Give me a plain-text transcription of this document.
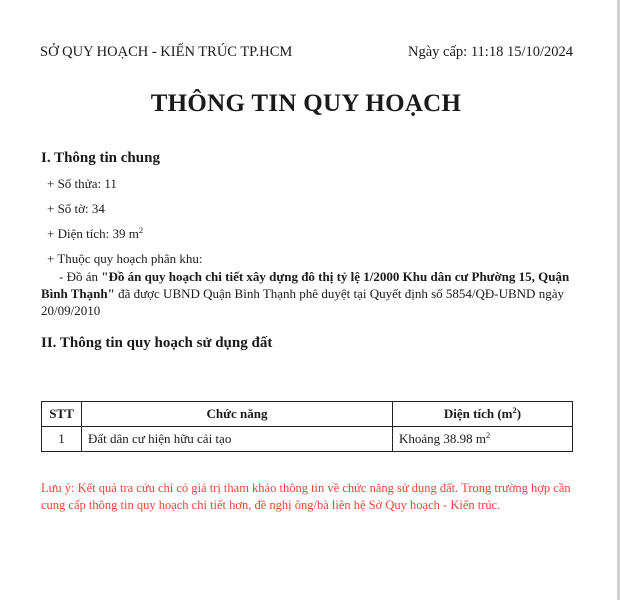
SỞ QUY HOẠCH - KIẾN TRÚC TP.HCM	Ngày cấp: 11:18 15/10/2024
THÔNG TIN QUY HOẠCH
I. Thông tin chung
+ Số thửa: 11
+ Số tờ: 34
+ Diện tích: 39 $m^2$
+ Thuộc quy hoạch phân khu:
- Đồ án "Đồ án quy hoạch chi tiết xây dựng đô thị tỷ lệ 1/2000 Khu dân cư Phường 15, Quận Bình Thạnh" đã được UBND Quận Bình Thạnh phê duyệt tại Quyết định số 5854/QĐ-UBND ngày 20/09/2010
II. Thông tin quy hoạch sử dụng đất
STT	Chức năng	Diện tích $(m^2)$
1	Đất dân cư hiện hữu cải tạo	Khoảng 38.98 $m^2$
Lưu ý: Kết quả tra cứu chỉ có giá trị tham khảo thông tin về chức năng sử dụng đất. Trong trường hợp cần cung cấp thông tin quy hoạch chi tiết hơn, đề nghị ông/bà liên hệ Sở Quy hoạch - Kiến trúc.
